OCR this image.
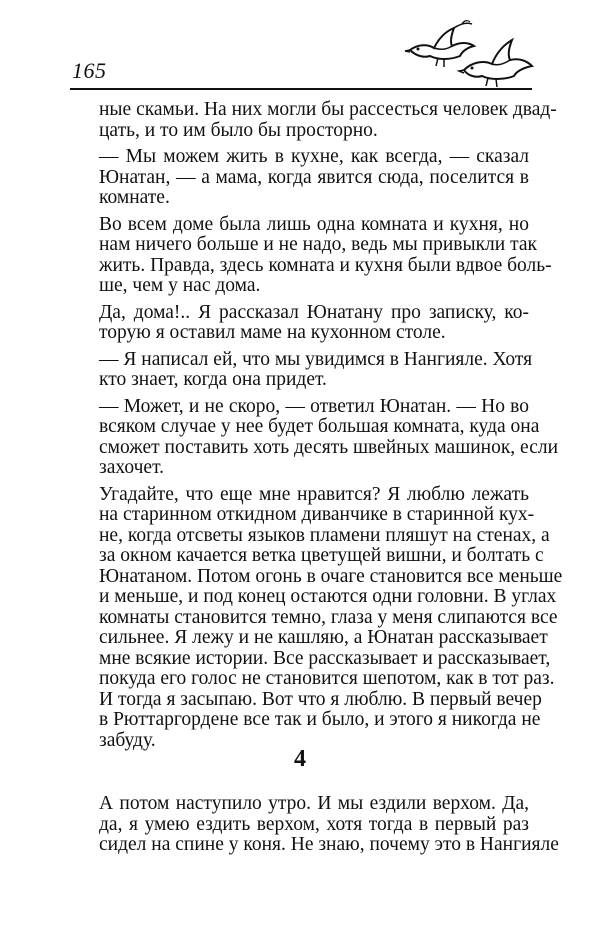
165
ные скамьи. На них могли бы рассесться человек двад-
цать, и то им было бы просторно.
— Мы можем жить в кухне, как всегда, — сказал
Юнатан, — а мама, когда явится сюда, поселится в
комнате.
Во всем доме была лишь одна комната и кухня, но
нам ничего больше и не надо, ведь мы привыкли так
жить. Правда, здесь комната и кухня были вдвое боль-
ше, чем у нас дома.
Да, дома!.. Я рассказал Юнатану про записку, ко-
торую я оставил маме на кухонном столе.
— Я написал ей, что мы увидимся в Нангияле. Хотя
кто знает, когда она придет.
— Может, и не скоро, — ответил Юнатан. — Но во
всяком случае у нее будет большая комната, куда она
сможет поставить хоть десять швейных машинок, если
захочет.
Угадайте, что еще мне нравится? Я люблю лежать
на старинном откидном диванчике в старинной кух-
не, когда отсветы языков пламени пляшут на стенах, а
за окном качается ветка цветущей вишни, и болтать с
Юнатаном. Потом огонь в очаге становится все меньше
и меньше, и под конец остаются одни головни. В углах
комнаты становится темно, глаза у меня слипаются все
сильнее. Я лежу и не кашляю, а Юнатан рассказывает
мне всякие истории. Все рассказывает и рассказывает,
покуда его голос не становится шепотом, как в тот раз.
И тогда я засыпаю. Вот что я люблю. В первый вечер
в Рюттаргордене все так и было, и этого я никогда не
забуду.
4
А потом наступило утро. И мы ездили верхом. Да,
да, я умею ездить верхом, хотя тогда в первый раз
сидел на спине у коня. Не знаю, почему это в Нангияле
